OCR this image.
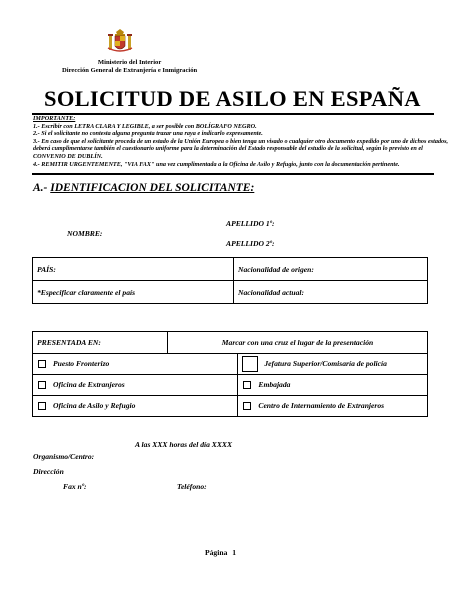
Ministerio del Interior
Dirección General de Extranjería e Inmigración
SOLICITUD DE ASILO EN ESPAÑA

IMPORTANTE:

1.- Escribir con LETRA CLARA Y LEGIBLE, a ser posible con BOLÍGRAFO NEGRO.

2.- Si el solicitante no contesta alguna pregunta trazar una raya e indicarlo expresamente.

3.- En caso de que el solicitante proceda de un estado de la Unión Europea o bien tenga un visado o cualquier otro documento expedido por uno de dichos estados, deberá cumplimentarse también el cuestionario uniforme para la determinación del Estado responsable del estudio de la solicitud, según lo previsto en el CONVENIO DE DUBLÍN.

4.- REMITIR URGENTEMENTE, "VIA FAX" una vez cumplimentada a la Oficina de Asilo y Refugio, junto con la documentación pertinente.

A.- IDENTIFICACION DEL SOLICITANTE:
APELLIDO 1º:
NOMBRE:
APELLIDO 2º:
PAÍS:	Nacionalidad de origen:
*Especificar claramente el país	Nacionalidad actual:
PRESENTADA EN:	Marcar con una cruz el lugar de la presentación	
Puesto Fronterizo		Jefatura Superior/Comisaría de policía
Oficina de Extranjeros		Embajada
Oficina de Asilo y Refugio		Centro de Internamiento de Extranjeros
A las XXX horas del día XXXX
Organismo/Centro:
Dirección
Fax nº:	Teléfono:
Página 1
